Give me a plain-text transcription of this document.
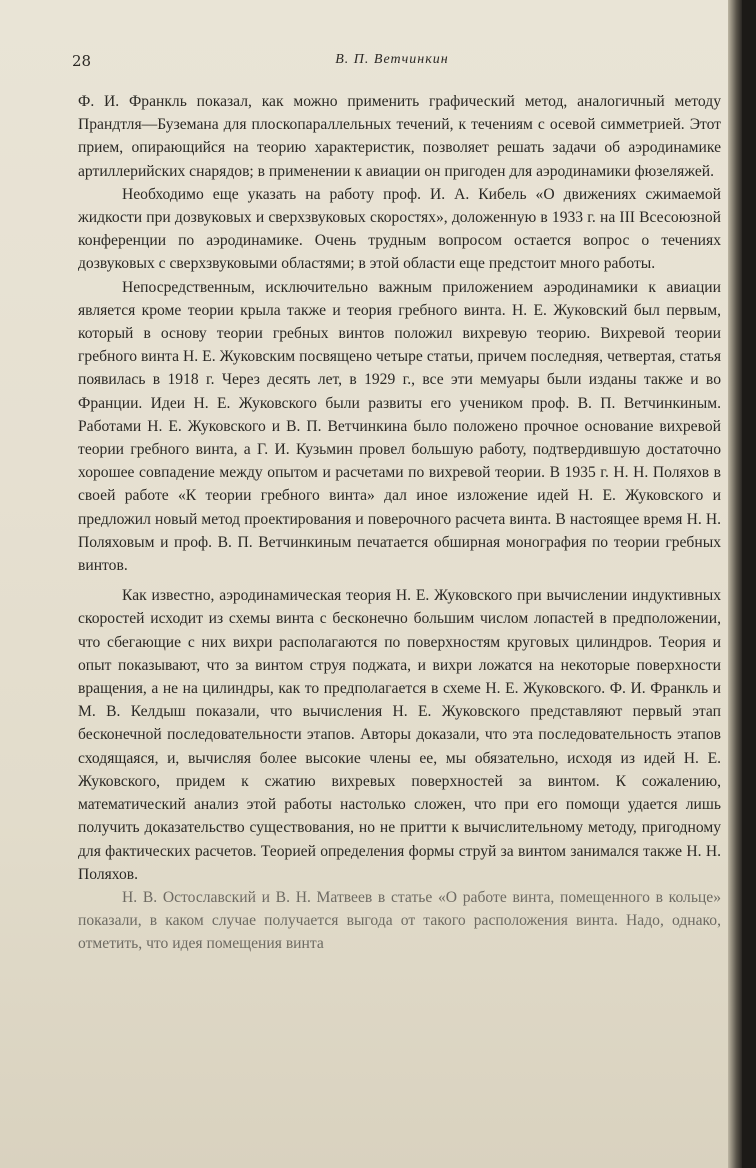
28	В. П. Ветчинкин

Ф. И. Франкль показал, как можно применить графический метод, аналогичный методу Прандтля—Буземана для плоскопараллельных течений, к течениям с осевой симметрией. Этот прием, опирающийся на теорию характеристик, позволяет решать задачи об аэродинамике артиллерийских снарядов; в применении к авиации он пригоден для аэродинамики фюзеляжей.

Необходимо еще указать на работу проф. И. А. Кибель «О движениях сжимаемой жидкости при дозвуковых и сверхзвуковых скоростях», доложенную в 1933 г. на III Всесоюзной конференции по аэродинамике. Очень трудным вопросом остается вопрос о течениях дозвуковых с сверхзвуковыми областями; в этой области еще предстоит много работы.

Непосредственным, исключительно важным приложением аэродинамики к авиации является кроме теории крыла также и теория гребного винта. Н. Е. Жуковский был первым, который в основу теории гребных винтов положил вихревую теорию. Вихревой теории гребного винта Н. Е. Жуковским посвящено четыре статьи, причем последняя, четвертая, статья появилась в 1918 г. Через десять лет, в 1929 г., все эти мемуары были изданы также и во Франции. Идеи Н. Е. Жуковского были развиты его учеником проф. В. П. Ветчинкиным. Работами Н. Е. Жуковского и В. П. Ветчинкина было положено прочное основание вихревой теории гребного винта, а Г. И. Кузьмин провел большую работу, подтвердившую достаточно хорошее совпадение между опытом и расчетами по вихревой теории. В 1935 г. Н. Н. Поляхов в своей работе «К теории гребного винта» дал иное изложение идей Н. Е. Жуковского и предложил новый метод проектирования и поверочного расчета винта. В настоящее время Н. Н. Поляховым и проф. В. П. Ветчинкиным печатается обширная монография по теории гребных винтов.

Как известно, аэродинамическая теория Н. Е. Жуковского при вычислении индуктивных скоростей исходит из схемы винта с бесконечно большим числом лопастей в предположении, что сбегающие с них вихри располагаются по поверхностям круговых цилиндров. Теория и опыт показывают, что за винтом струя поджата, и вихри ложатся на некоторые поверхности вращения, а не на цилиндры, как то предполагается в схеме Н. Е. Жуковского. Ф. И. Франкль и М. В. Келдыш показали, что вычисления Н. Е. Жуковского представляют первый этап бесконечной последовательности этапов. Авторы доказали, что эта последовательность этапов сходящаяся, и, вычисляя более высокие члены ее, мы обязательно, исходя из идей Н. Е. Жуковского, придем к сжатию вихревых поверхностей за винтом. К сожалению, математический анализ этой работы настолько сложен, что при его помощи удается лишь получить доказательство существования, но не притти к вычислительному методу, пригодному для фактических расчетов. Теорией определения формы струй за винтом занимался также Н. Н. Поляхов.

Н. В. Остославский и В. Н. Матвеев в статье «О работе винта, помещенного в кольце» показали, в каком случае получается выгода от такого расположения винта. Надо, однако, отметить, что идея помещения винта
